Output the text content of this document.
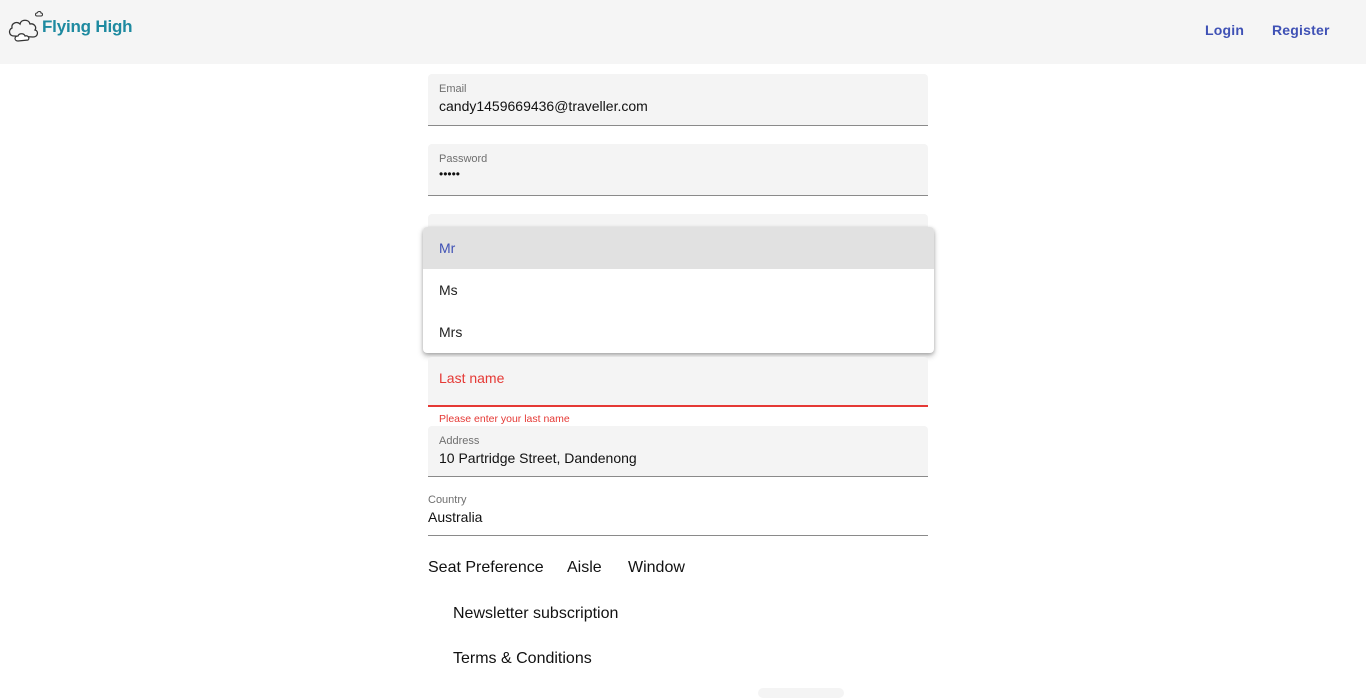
Flying High	Login Register
Email
candy1459669436@traveller.com
Password
•••••
Mr
Ms
Mrs
Last name
Please enter your last name
Address
10 Partridge Street, Dandenong
Country
Australia
Seat Preference Aisle Window
Newsletter subscription
Terms & Conditions
